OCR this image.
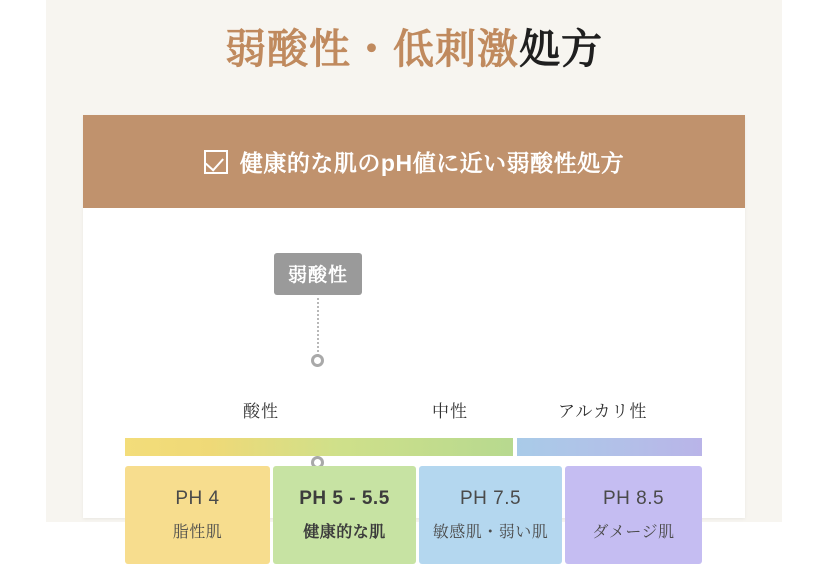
弱酸性・低刺激処方
健康的な肌のpH値に近い弱酸性処方
弱酸性
酸性	中性	アルカリ性
PH 4
脂性肌
PH 5 - 5.5
健康的な肌
PH 7.5
敏感肌・弱い肌
PH 8.5
ダメージ肌
